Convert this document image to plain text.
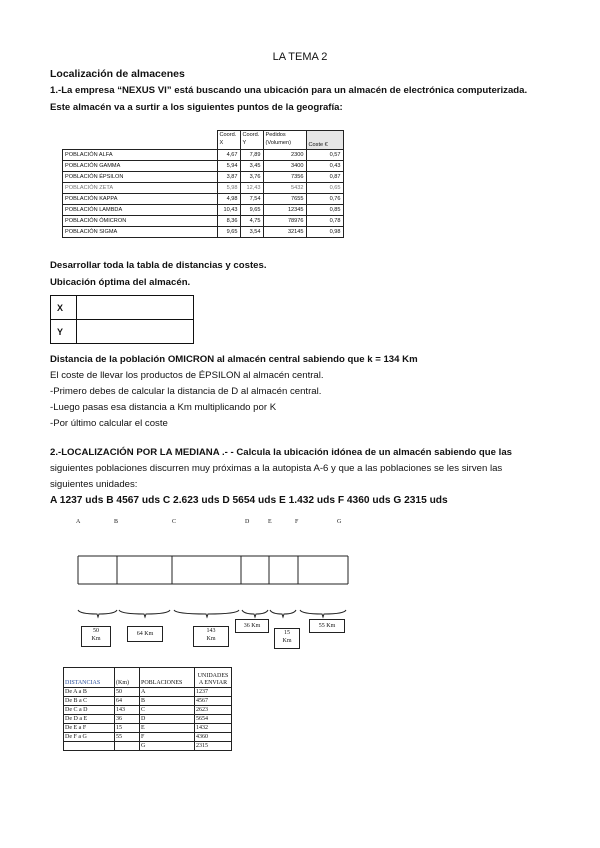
LA TEMA 2
Localización de almacenes
1.-La empresa “NEXUS VI” está buscando una ubicación para un almacén de electrónica computerizada.
Este almacén va a surtir a los siguientes puntos de la geografía:
	Coord. X	Coord. Y	Pedidos (Volumen)	Coste €
POBLACIÓN ALFA	4,67	7,89	2300	0,57
POBLACIÓN GAMMA	5,94	3,45	3400	0,43
POBLACIÓN ÉPSILON	3,87	3,76	7356	0,87
POBLACIÓN ZETA	5,98	12,43	5432	0,65
POBLACIÓN KAPPA	4,98	7,54	7655	0,76
POBLACIÓN LAMBDA	10,43	9,65	12345	0,85
POBLACIÓN ÓMICRON	8,36	4,75	78976	0,78
POBLACIÓN SIGMA	9,65	3,54	32145	0,98
Desarrollar toda la tabla de distancias y costes.
Ubicación óptima del almacén.
X	
Y	
Distancia de la población OMICRON al almacén central sabiendo que k = 134 Km
El coste de llevar los productos de ÉPSILON al almacén central.
-Primero debes de calcular la distancia de D al almacén central.
-Luego pasas esa distancia a Km multiplicando por K
-Por último calcular el coste
2.-LOCALIZACIÓN POR LA MEDIANA .- - Calcula la ubicación idónea de un almacén sabiendo que las
siguientes poblaciones discurren muy próximas a la autopista A-6 y que a las poblaciones se les sirven las
siguientes unidades:
A 1237 uds B 4567 uds C 2.623 uds D 5654 uds E 1.432 uds F 4360 uds G 2315 uds
A	B	C	D	E	F	G
50
Km
64 Km	143
Km
36 Km
15
Km
55 Km
DISTANCIAS	(Km)	POBLACIONES	UNIDADES A ENVIAR
De A a B	50	A	1237
De B a C	64	B	4567
De C a D	143	C	2623
De D a E	36	D	5654
De E a F	15	E	1432
De F a G	55	F	4360
		G	2315
